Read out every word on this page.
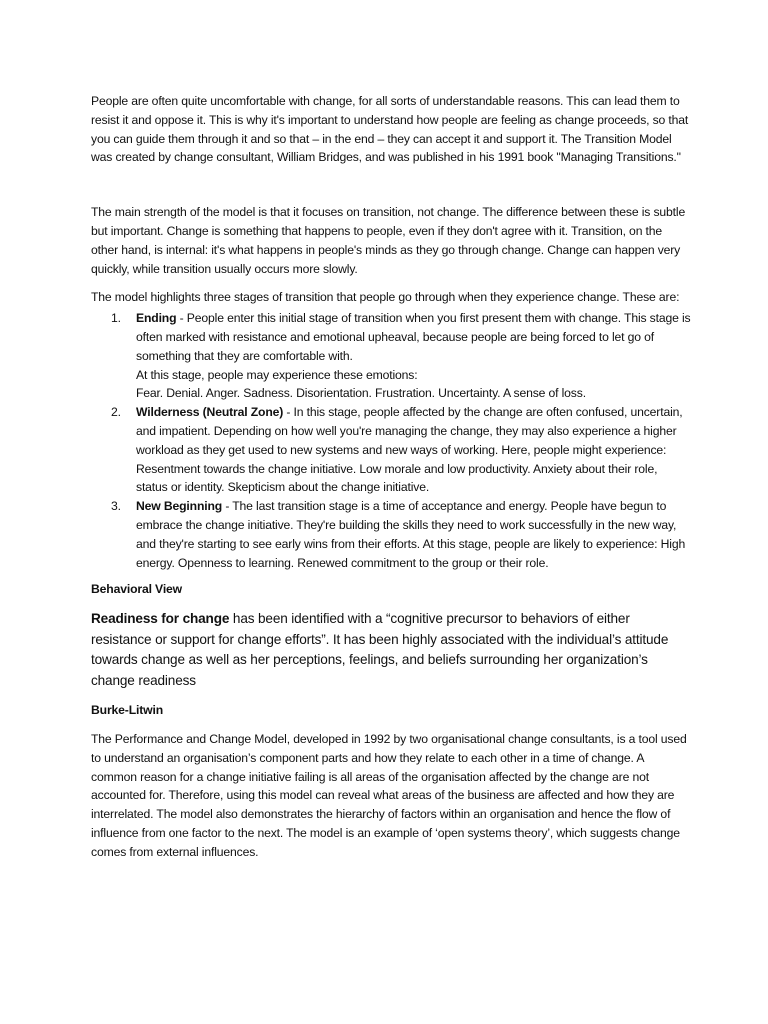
People are often quite uncomfortable with change, for all sorts of understandable reasons. This can lead them to resist it and oppose it. This is why it's important to understand how people are feeling as change proceeds, so that you can guide them through it and so that – in the end – they can accept it and support it. The Transition Model was created by change consultant, William Bridges, and was published in his 1991 book "Managing Transitions."

The main strength of the model is that it focuses on transition, not change. The difference between these is subtle but important. Change is something that happens to people, even if they don't agree with it. Transition, on the other hand, is internal: it's what happens in people's minds as they go through change. Change can happen very quickly, while transition usually occurs more slowly.

The model highlights three stages of transition that people go through when they experience change. These are:

1. Ending - People enter this initial stage of transition when you first present them with change. This stage is often marked with resistance and emotional upheaval, because people are being forced to let go of something that they are comfortable with.
At this stage, people may experience these emotions:
Fear. Denial. Anger. Sadness. Disorientation. Frustration. Uncertainty. A sense of loss.
2. Wilderness (Neutral Zone) - In this stage, people affected by the change are often confused, uncertain, and impatient. Depending on how well you're managing the change, they may also experience a higher workload as they get used to new systems and new ways of working. Here, people might experience: Resentment towards the change initiative. Low morale and low productivity. Anxiety about their role, status or identity. Skepticism about the change initiative.
3. New Beginning - The last transition stage is a time of acceptance and energy. People have begun to embrace the change initiative. They're building the skills they need to work successfully in the new way, and they're starting to see early wins from their efforts. At this stage, people are likely to experience: High energy. Openness to learning. Renewed commitment to the group or their role.

Behavioral View

Readiness for change has been identified with a “cognitive precursor to behaviors of either resistance or support for change efforts”. It has been highly associated with the individual’s attitude towards change as well as her perceptions, feelings, and beliefs surrounding her organization’s change readiness

Burke-Litwin

The Performance and Change Model, developed in 1992 by two organisational change consultants, is a tool used to understand an organisation’s component parts and how they relate to each other in a time of change. A common reason for a change initiative failing is all areas of the organisation affected by the change are not accounted for. Therefore, using this model can reveal what areas of the business are affected and how they are interrelated. The model also demonstrates the hierarchy of factors within an organisation and hence the flow of influence from one factor to the next. The model is an example of ‘open systems theory’, which suggests change comes from external influences.
